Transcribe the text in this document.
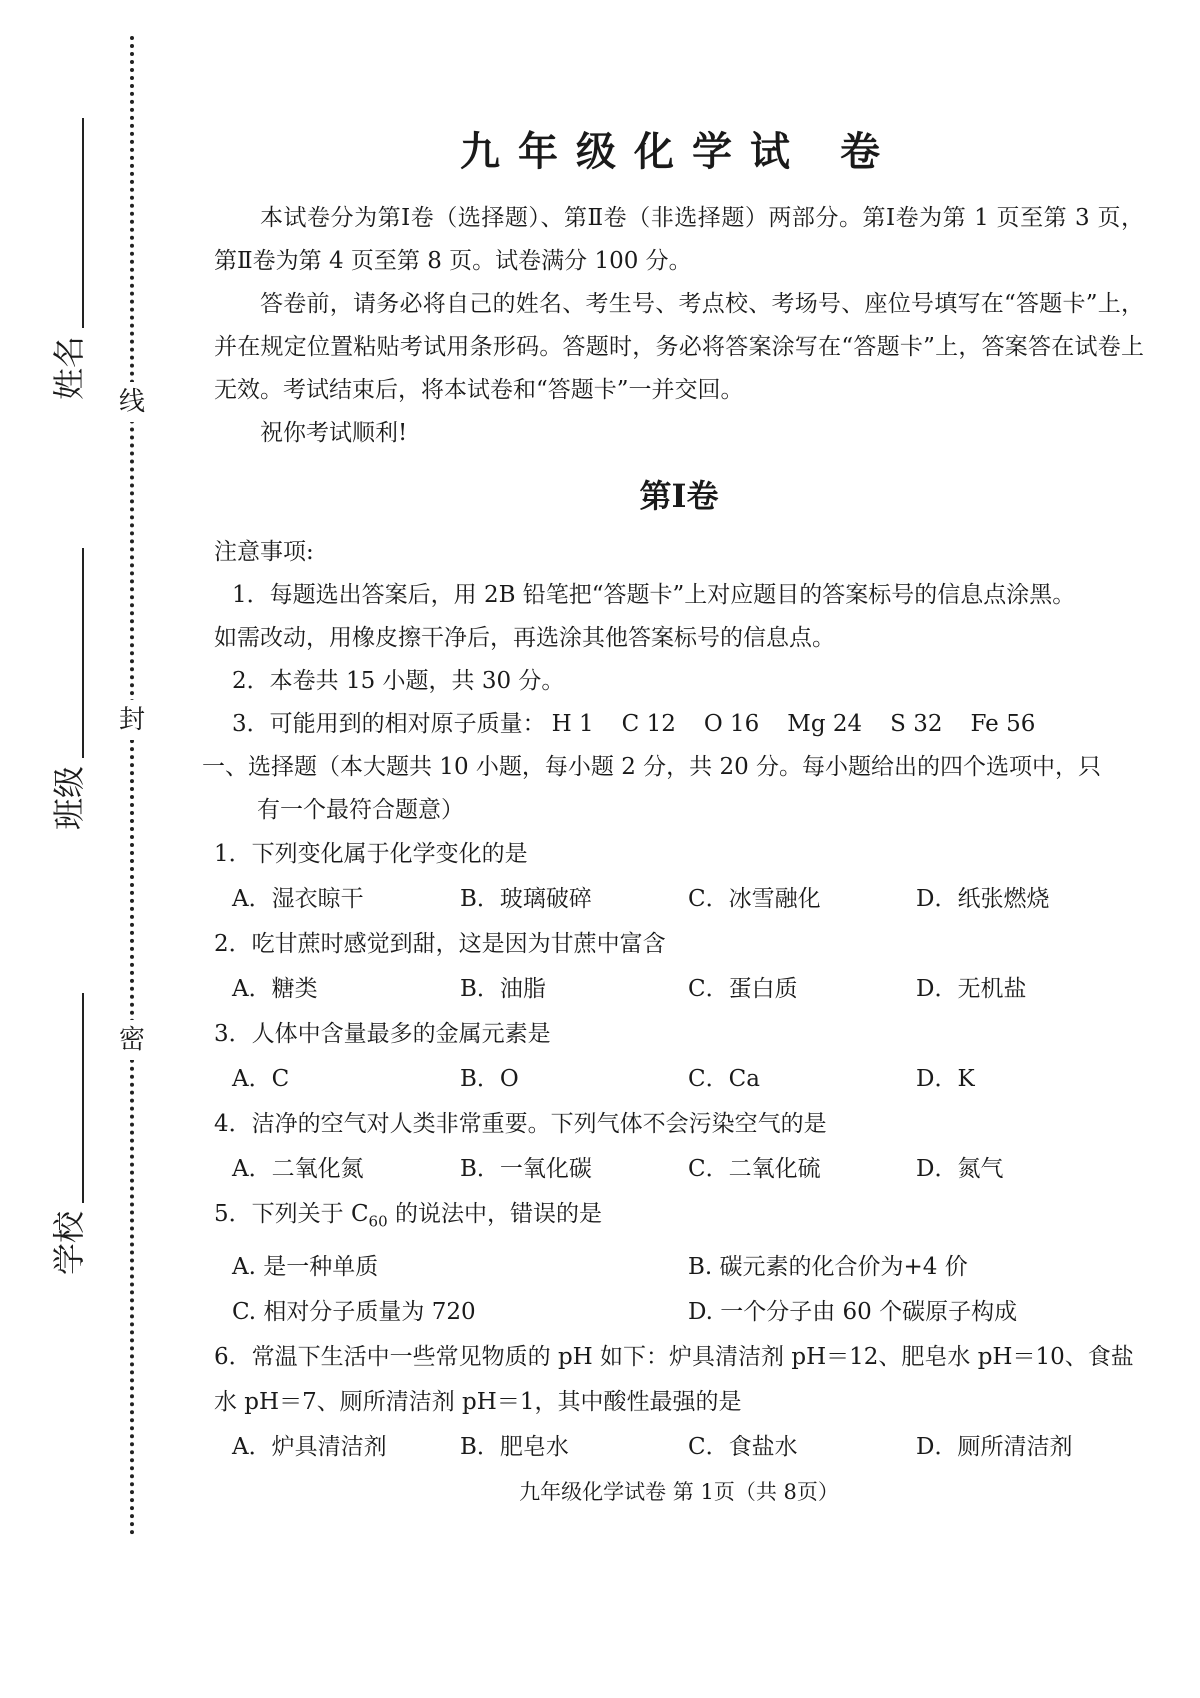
线
封
密
姓名
班级
学校
九年级化学试 卷

本试卷分为第Ⅰ卷（选择题）、第Ⅱ卷（非选择题）两部分。第Ⅰ卷为第 1 页至第 3 页，第Ⅱ卷为第 4 页至第 8 页。试卷满分 100 分。

答卷前，请务必将自己的姓名、考生号、考点校、考场号、座位号填写在“答题卡”上，并在规定位置粘贴考试用条形码。答题时，务必将答案涂写在“答题卡”上，答案答在试卷上无效。考试结束后，将本试卷和“答题卡”一并交回。

祝你考试顺利!

第Ⅰ卷

注意事项:

1．每题选出答案后，用 2B 铅笔把“答题卡”上对应题目的答案标号的信息点涂黑。

如需改动，用橡皮擦干净后，再选涂其他答案标号的信息点。

2．本卷共 15 小题，共 30 分。

3．可能用到的相对原子质量： H 1 C 12 O 16 Mg 24 S 32 Fe 56

一、选择题（本大题共 10 小题，每小题 2 分，共 20 分。每小题给出的四个选项中，只

有一个最符合题意）

1．下列变化属于化学变化的是

A．湿衣晾干	B．玻璃破碎	C．冰雪融化	D．纸张燃烧

2．吃甘蔗时感觉到甜，这是因为甘蔗中富含

A．糖类	B．油脂	C．蛋白质	D．无机盐

3．人体中含量最多的金属元素是

A．C	B．O	C．Ca	D．K

4．洁净的空气对人类非常重要。下列气体不会污染空气的是

A．二氧化氮	B．一氧化碳	C．二氧化硫	D．氮气

5．下列关于 $C_{60}$ 的说法中，错误的是

A. 是一种单质	B. 碳元素的化合价为+4 价
C. 相对分子质量为 720	D. 一个分子由 60 个碳原子构成

6．常温下生活中一些常见物质的 pH 如下：炉具清洁剂 pH＝12、肥皂水 pH＝10、食盐

水 pH＝7、厕所清洁剂 pH＝1，其中酸性最强的是

A．炉具清洁剂	B．肥皂水	C．食盐水	D．厕所清洁剂
九年级化学试卷 第 1页（共 8页）
